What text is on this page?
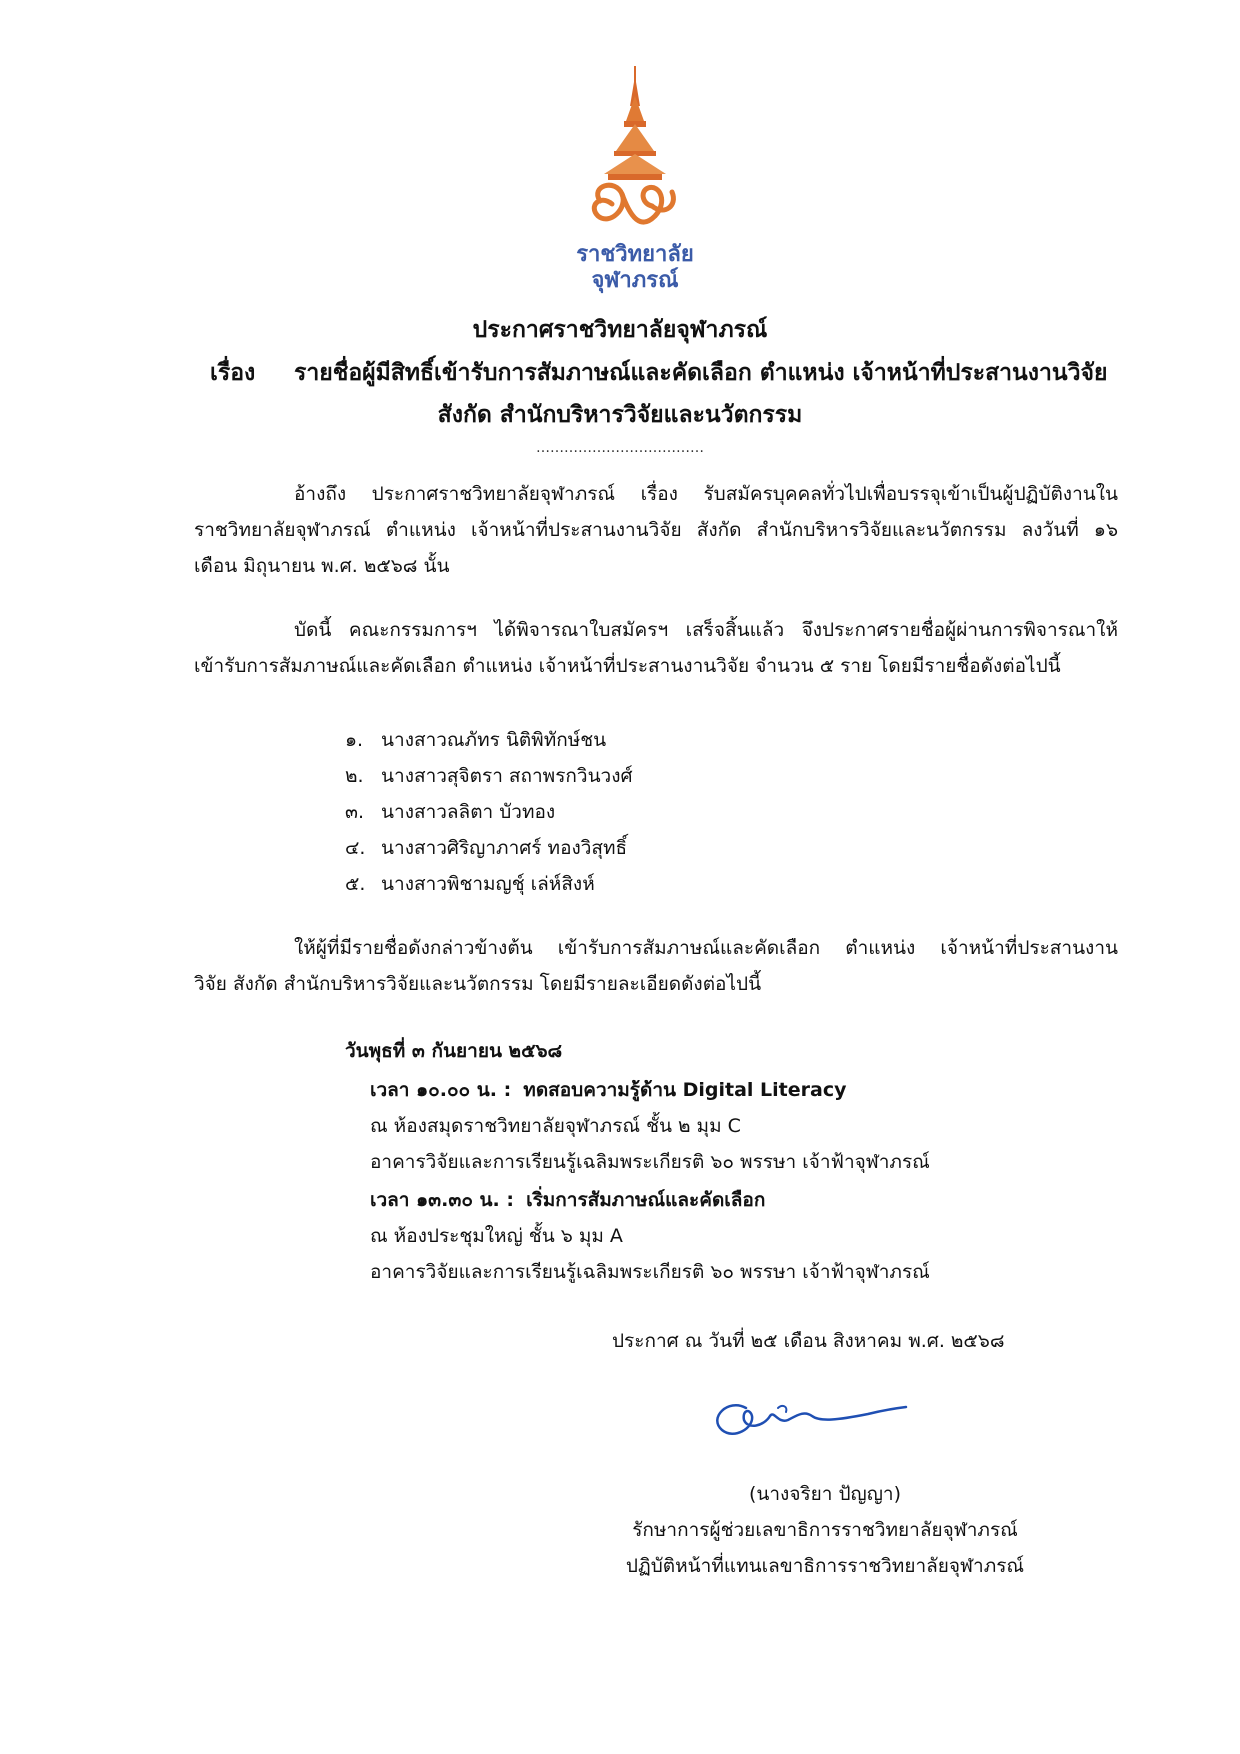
ราชวิทยาลัย
จุฬาภรณ์
ประกาศราชวิทยาลัยจุฬาภรณ์
เรื่อง รายชื่อผู้มีสิทธิ์เข้ารับการสัมภาษณ์และคัดเลือก ตำแหน่ง เจ้าหน้าที่ประสานงานวิจัย
สังกัด สำนักบริหารวิจัยและนวัตกรรม
………………………………
อ้างถึง ประกาศราชวิทยาลัยจุฬาภรณ์ เรื่อง รับสมัครบุคคลทั่วไปเพื่อบรรจุเข้าเป็นผู้ปฏิบัติงานใน
ราชวิทยาลัยจุฬาภรณ์ ตำแหน่ง เจ้าหน้าที่ประสานงานวิจัย สังกัด สำนักบริหารวิจัยและนวัตกรรม ลงวันที่ ๑๖
เดือน มิถุนายน พ.ศ. ๒๕๖๘ นั้น
บัดนี้ คณะกรรมการฯ ได้พิจารณาใบสมัครฯ เสร็จสิ้นแล้ว จึงประกาศรายชื่อผู้ผ่านการพิจารณาให้
เข้ารับการสัมภาษณ์และคัดเลือก ตำแหน่ง เจ้าหน้าที่ประสานงานวิจัย จำนวน ๕ ราย โดยมีรายชื่อดังต่อไปนี้
๑. นางสาวณภัทร นิติพิทักษ์ชน
๒. นางสาวสุจิตรา สถาพรกวินวงศ์
๓. นางสาวลลิตา บัวทอง
๔. นางสาวศิริญาภาศร์ ทองวิสุทธิ์
๕. นางสาวพิชามญชุ์ เล่ห์สิงห์
ให้ผู้ที่มีรายชื่อดังกล่าวข้างต้น เข้ารับการสัมภาษณ์และคัดเลือก ตำแหน่ง เจ้าหน้าที่ประสานงาน
วิจัย สังกัด สำนักบริหารวิจัยและนวัตกรรม โดยมีรายละเอียดดังต่อไปนี้
วันพุธที่ ๓ กันยายน ๒๕๖๘
เวลา ๑๐.๐๐ น. : ทดสอบความรู้ด้าน Digital Literacy
ณ ห้องสมุดราชวิทยาลัยจุฬาภรณ์ ชั้น ๒ มุม C
อาคารวิจัยและการเรียนรู้เฉลิมพระเกียรติ ๖๐ พรรษา เจ้าฟ้าจุฬาภรณ์
เวลา ๑๓.๓๐ น. : เริ่มการสัมภาษณ์และคัดเลือก
ณ ห้องประชุมใหญ่ ชั้น ๖ มุม A
อาคารวิจัยและการเรียนรู้เฉลิมพระเกียรติ ๖๐ พรรษา เจ้าฟ้าจุฬาภรณ์
ประกาศ ณ วันที่ ๒๕ เดือน สิงหาคม พ.ศ. ๒๕๖๘
(นางจริยา ปัญญา)
รักษาการผู้ช่วยเลขาธิการราชวิทยาลัยจุฬาภรณ์
ปฏิบัติหน้าที่แทนเลขาธิการราชวิทยาลัยจุฬาภรณ์
